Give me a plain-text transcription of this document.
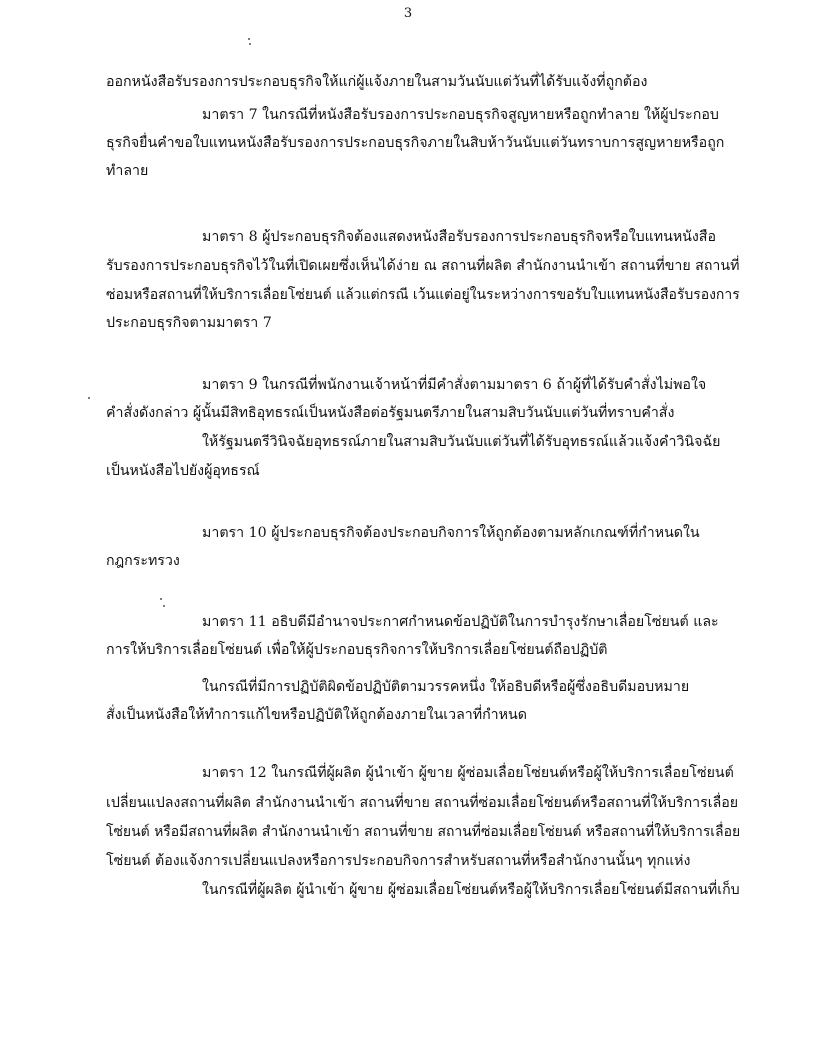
3
ออกหนังสือรับรองการประกอบธุรกิจให้แก่ผู้แจ้งภายในสามวันนับแต่วันที่ได้รับแจ้งที่ถูกต้อง
มาตรา 7 ในกรณีที่หนังสือรับรองการประกอบธุรกิจสูญหายหรือถูกทำลาย ให้ผู้ประกอบ
ธุรกิจยื่นคำขอใบแทนหนังสือรับรองการประกอบธุรกิจภายในสิบห้าวันนับแต่วันทราบการสูญหายหรือถูก
ทำลาย
มาตรา 8 ผู้ประกอบธุรกิจต้องแสดงหนังสือรับรองการประกอบธุรกิจหรือใบแทนหนังสือ
รับรองการประกอบธุรกิจไว้ในที่เปิดเผยซึ่งเห็นได้ง่าย ณ สถานที่ผลิต สำนักงานนำเข้า สถานที่ขาย สถานที่
ซ่อมหรือสถานที่ให้บริการเลื่อยโซ่ยนต์ แล้วแต่กรณี เว้นแต่อยู่ในระหว่างการขอรับใบแทนหนังสือรับรองการ
ประกอบธุรกิจตามมาตรา 7
มาตรา 9 ในกรณีที่พนักงานเจ้าหน้าที่มีคำสั่งตามมาตรา 6 ถ้าผู้ที่ได้รับคำสั่งไม่พอใจ
คำสั่งดังกล่าว ผู้นั้นมีสิทธิอุทธรณ์เป็นหนังสือต่อรัฐมนตรีภายในสามสิบวันนับแต่วันที่ทราบคำสั่ง
ให้รัฐมนตรีวินิจฉัยอุทธรณ์ภายในสามสิบวันนับแต่วันที่ได้รับอุทธรณ์แล้วแจ้งคำวินิจฉัย
เป็นหนังสือไปยังผู้อุทธรณ์
มาตรา 10 ผู้ประกอบธุรกิจต้องประกอบกิจการให้ถูกต้องตามหลักเกณฑ์ที่กำหนดใน
กฎกระทรวง
มาตรา 11 อธิบดีมีอำนาจประกาศกำหนดข้อปฏิบัติในการบำรุงรักษาเลื่อยโซ่ยนต์ และ
การให้บริการเลื่อยโซ่ยนต์ เพื่อให้ผู้ประกอบธุรกิจการให้บริการเลื่อยโซ่ยนต์ถือปฏิบัติ
ในกรณีที่มีการปฏิบัติผิดข้อปฏิบัติตามวรรคหนึ่ง ให้อธิบดีหรือผู้ซึ่งอธิบดีมอบหมาย
สั่งเป็นหนังสือให้ทำการแก้ไขหรือปฏิบัติให้ถูกต้องภายในเวลาที่กำหนด
มาตรา 12 ในกรณีที่ผู้ผลิต ผู้นำเข้า ผู้ขาย ผู้ซ่อมเลื่อยโซ่ยนต์หรือผู้ให้บริการเลื่อยโซ่ยนต์
เปลี่ยนแปลงสถานที่ผลิต สำนักงานนำเข้า สถานที่ขาย สถานที่ซ่อมเลื่อยโซ่ยนต์หรือสถานที่ให้บริการเลื่อย
โซ่ยนต์ หรือมีสถานที่ผลิต สำนักงานนำเข้า สถานที่ขาย สถานที่ซ่อมเลื่อยโซ่ยนต์ หรือสถานที่ให้บริการเลื่อย
โซ่ยนต์ ต้องแจ้งการเปลี่ยนแปลงหรือการประกอบกิจการสำหรับสถานที่หรือสำนักงานนั้นๆ ทุกแห่ง
ในกรณีที่ผู้ผลิต ผู้นำเข้า ผู้ขาย ผู้ซ่อมเลื่อยโซ่ยนต์หรือผู้ให้บริการเลื่อยโซ่ยนต์มีสถานที่เก็บ
